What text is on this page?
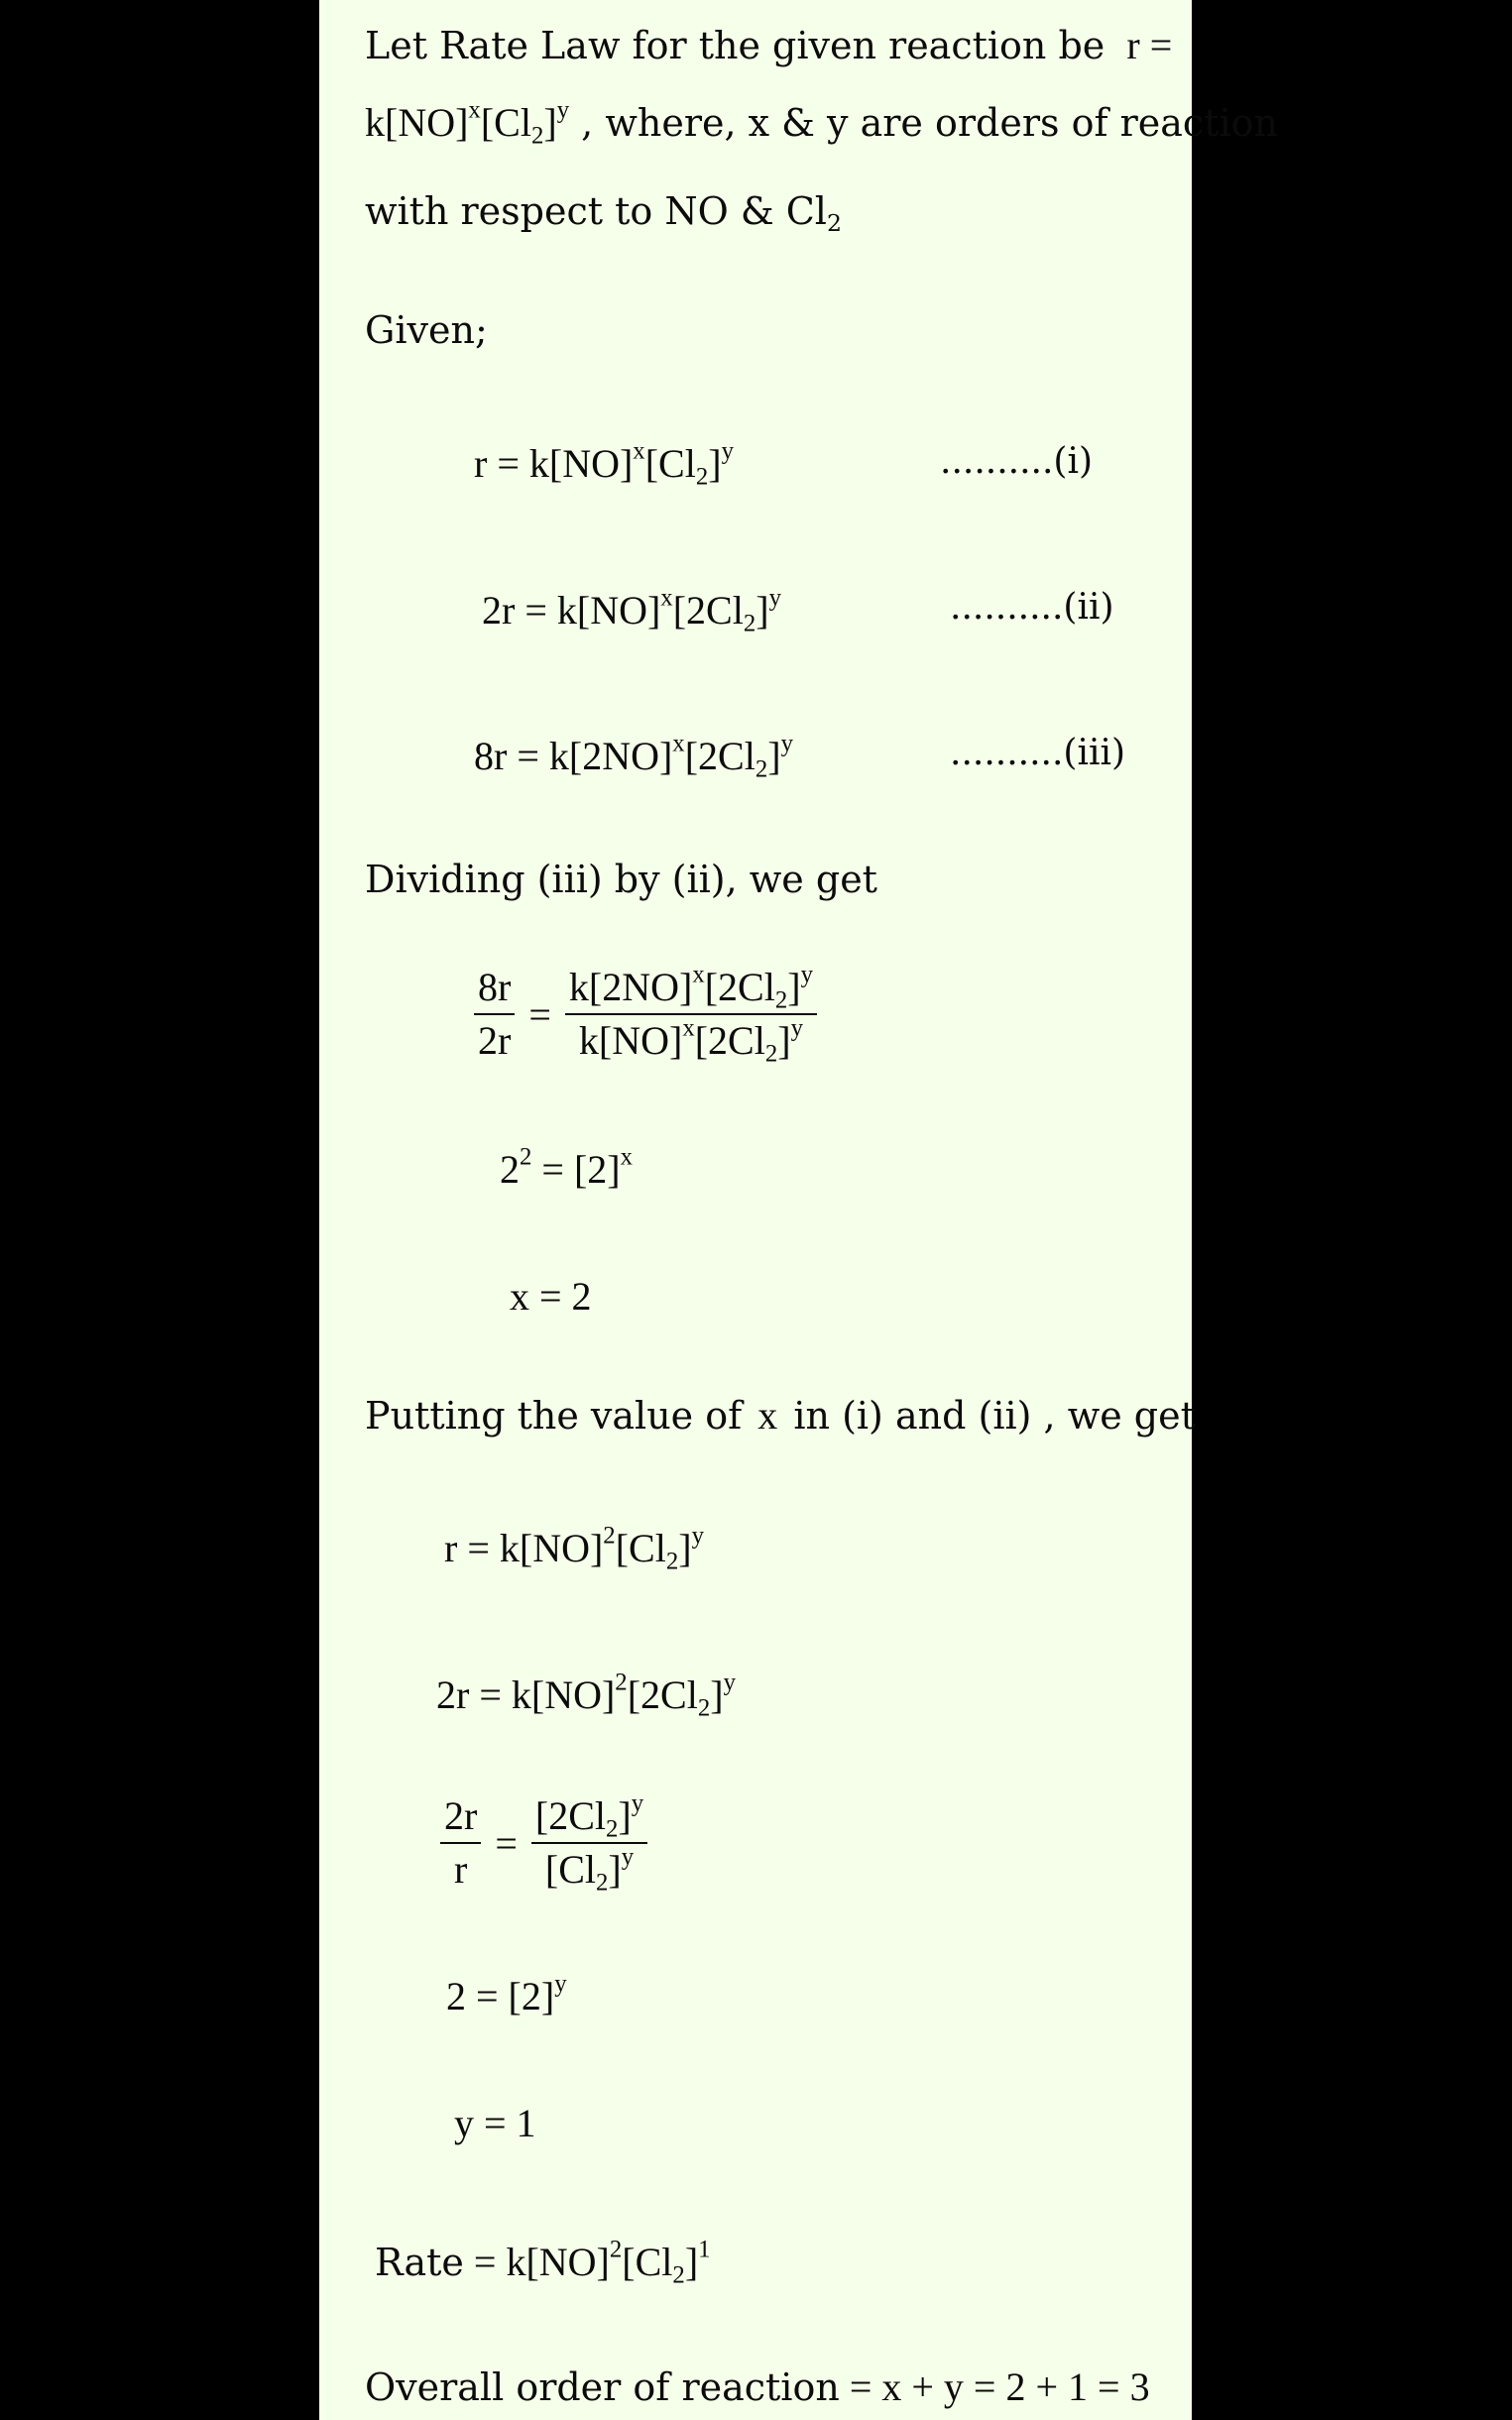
Let Rate Law for the given reaction be r =
$k[NO]^x[Cl_2]^y$ , where, x & y are orders of reaction
with respect to NO & $Cl_2$
Given;
$r = k[NO]^x[Cl_2]^y$	..........(i)
$2r = k[NO]^x[2Cl_2]^y$	..........(ii)
$8r = k[2NO]^x[2Cl_2]^y$	..........(iii)
Dividing (iii) by (ii), we get
$\frac{8r}{2r} = \frac{k[2NO]^x[2Cl_2]^y}{k[NO]^x[2Cl_2]^y}$
$2^2 = [2]^x$
x = 2
Putting the value of x in (i) and (ii) , we get
$r = k[NO]^2[Cl_2]^y$
$2r = k[NO]^2[2Cl_2]^y$
$\frac{2r}{r} = \frac{[2Cl_2]^y}{[Cl_2]^y}$
$2 = [2]^y$
y = 1
Rate = $k[NO]^2[Cl_2]^1$
Overall order of reaction = x + y = 2 + 1 = 3
